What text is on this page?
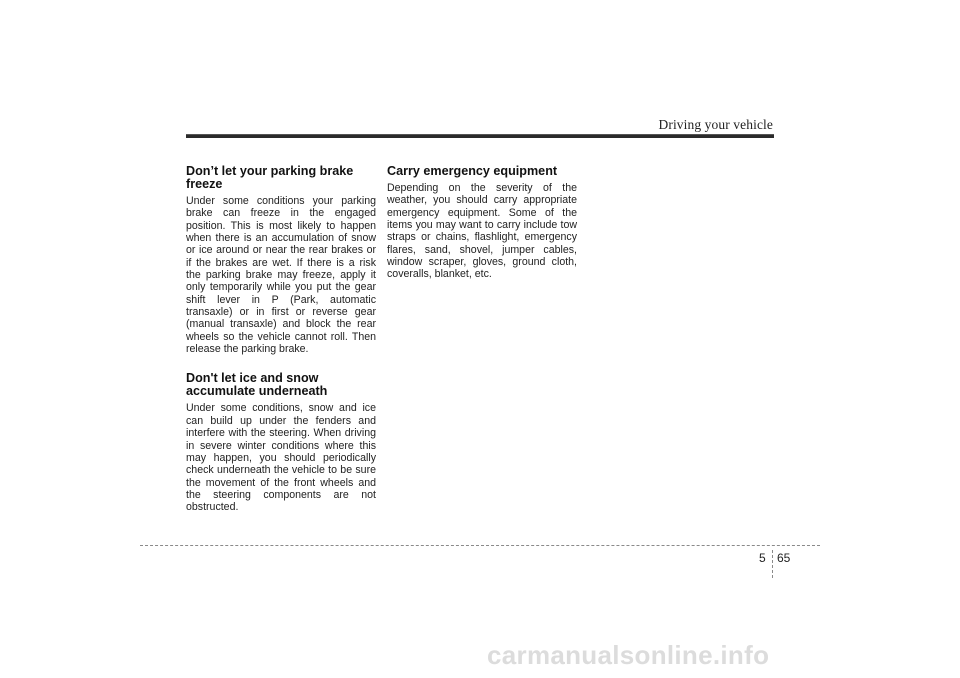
Driving your vehicle
Don’t let your parking brake freeze

Under some conditions your parking brake can freeze in the engaged position. This is most likely to happen when there is an accumulation of snow or ice around or near the rear brakes or if the brakes are wet. If there is a risk the parking brake may freeze, apply it only temporarily while you put the gear shift lever in P (Park, automatic transaxle) or in first or reverse gear (manual transaxle) and block the rear wheels so the vehicle cannot roll. Then release the parking brake.

Don't let ice and snow accumulate underneath

Under some conditions, snow and ice can build up under the fenders and interfere with the steering. When driving in severe winter conditions where this may happen, you should periodically check underneath the vehicle to be sure the movement of the front wheels and the steering components are not obstructed.

Carry emergency equipment

Depending on the severity of the weather, you should carry appropriate emergency equipment. Some of the items you may want to carry include tow straps or chains, flashlight, emergency flares, sand, shovel, jumper cables, window scraper, gloves, ground cloth, coveralls, blanket, etc.

5 65
carmanualsonline.info
